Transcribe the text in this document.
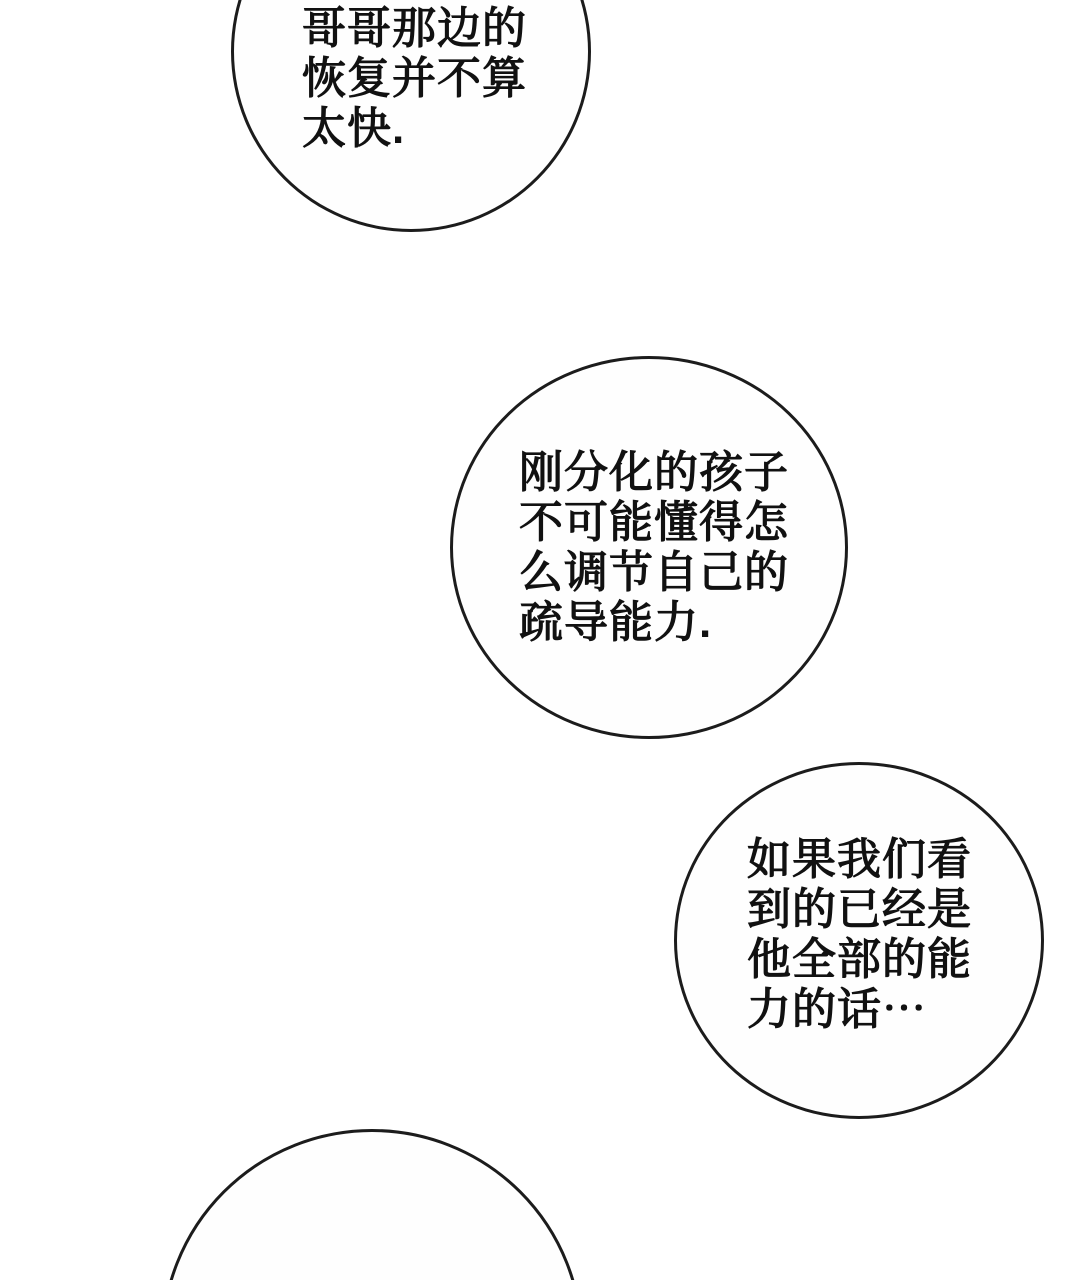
哥哥那边的
恢复并不算
太快.
刚分化的孩子
不可能懂得怎
么调节自己的
疏导能力.
如果我们看
到的已经是
他全部的能
力的话⋯
